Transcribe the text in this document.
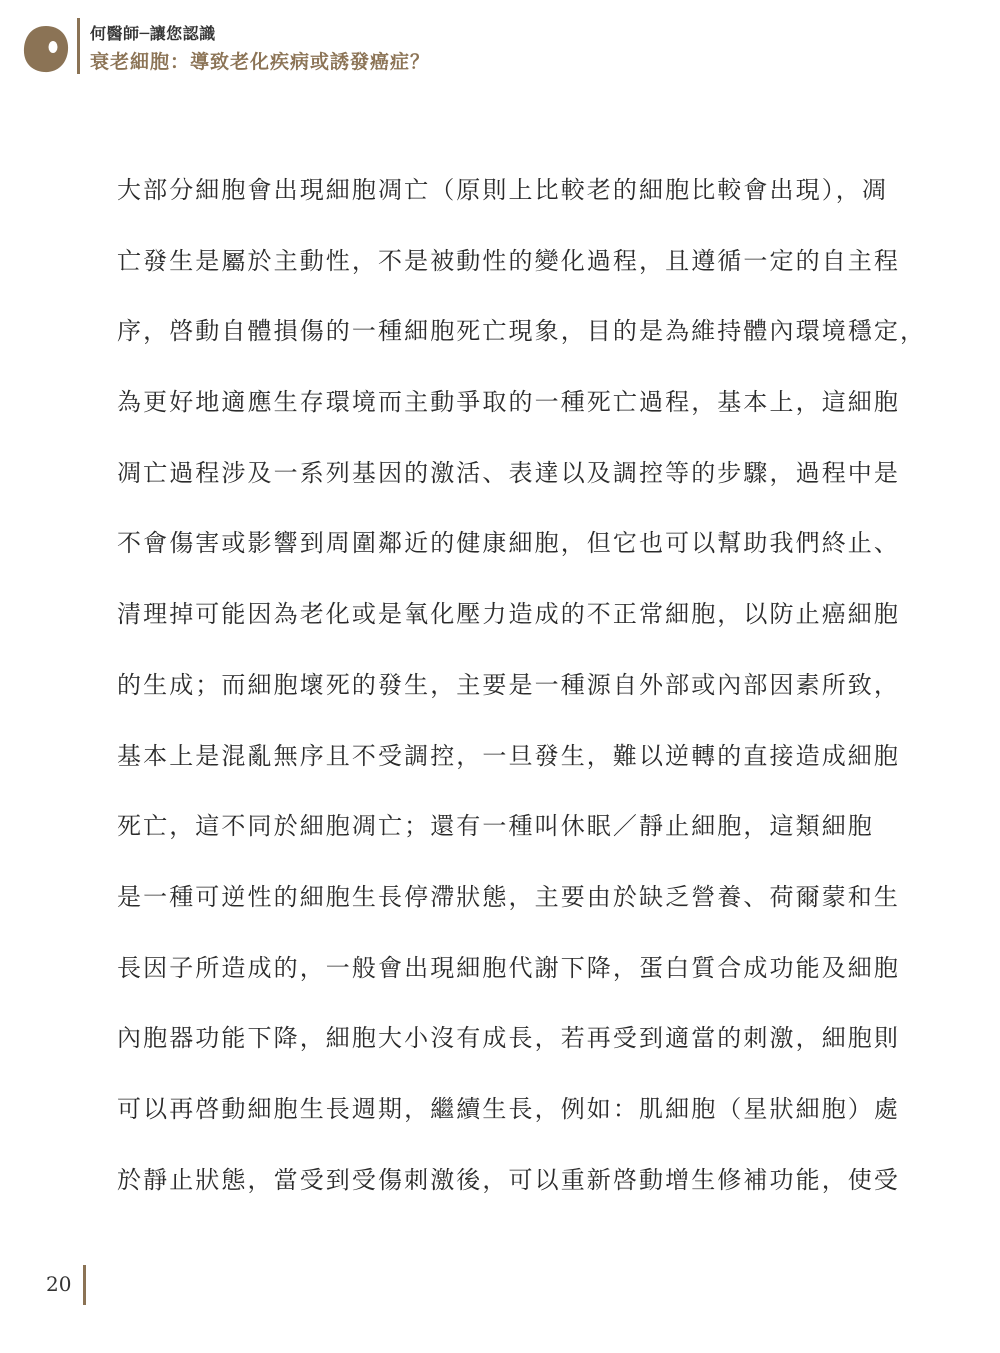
何醫師─讓您認識
衰老細胞：導致老化疾病或誘發癌症？
大部分細胞會出現細胞凋亡（原則上比較老的細胞比較會出現），凋
亡發生是屬於主動性，不是被動性的變化過程，且遵循一定的自主程
序，啓動自體損傷的一種細胞死亡現象，目的是為維持體內環境穩定，
為更好地適應生存環境而主動爭取的一種死亡過程，基本上，這細胞
凋亡過程涉及一系列基因的激活、表達以及調控等的步驟，過程中是
不會傷害或影響到周圍鄰近的健康細胞，但它也可以幫助我們終止、
清理掉可能因為老化或是氧化壓力造成的不正常細胞，以防止癌細胞
的生成；而細胞壞死的發生，主要是一種源自外部或內部因素所致，
基本上是混亂無序且不受調控，一旦發生，難以逆轉的直接造成細胞
死亡，這不同於細胞凋亡；還有一種叫休眠／靜止細胞，這類細胞
是一種可逆性的細胞生長停滯狀態，主要由於缺乏營養、荷爾蒙和生
長因子所造成的，一般會出現細胞代謝下降，蛋白質合成功能及細胞
內胞器功能下降，細胞大小沒有成長，若再受到適當的刺激，細胞則
可以再啓動細胞生長週期，繼續生長，例如：肌細胞（星狀細胞）處
於靜止狀態，當受到受傷刺激後，可以重新啓動增生修補功能，使受
20
